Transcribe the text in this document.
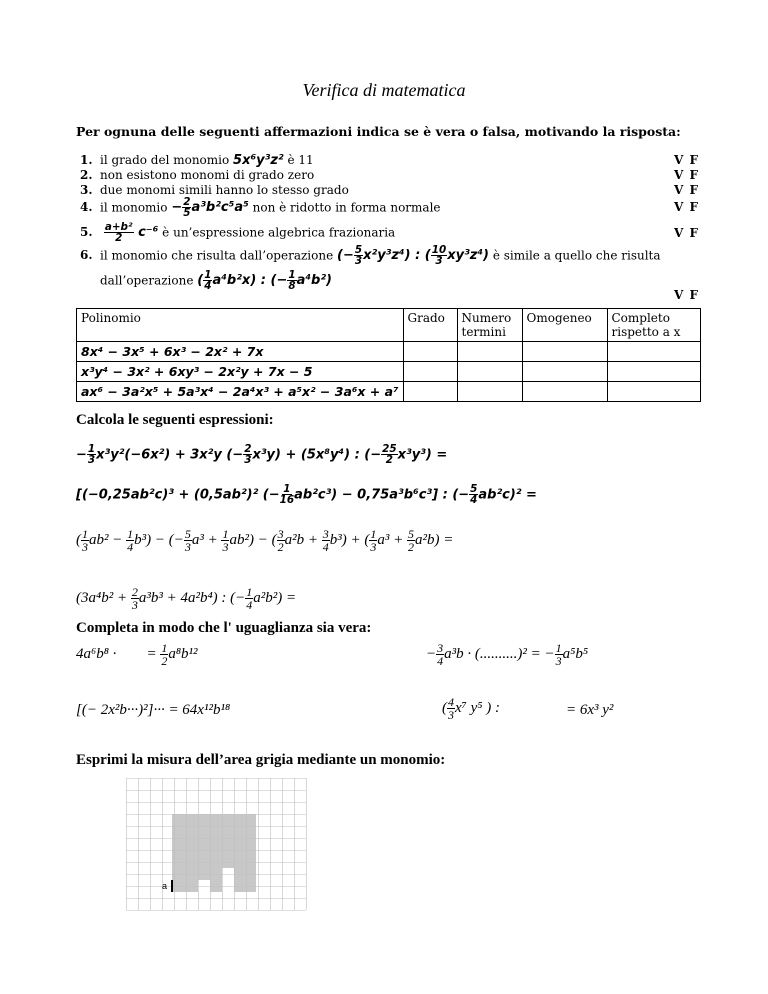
Verifica di matematica
Per ognuna delle seguenti affermazioni indica se è vera o falsa, motivando la risposta:
1. il grado del monomio 5x⁶y³z² è 11
2. non esistono monomi di grado zero
3. due monomi simili hanno lo stesso grado
4. il monomio − $\frac{2}{5} a^3b^2c^5a^5$ non è ridotto in forma normale
5. $\frac{\text{a+b²}}{2} c^{-6}$ è un’espressione algebrica frazionaria
6. il monomio che risulta dall’operazione (− $\frac{5}{3} x^2y^3z^4$) : ( $\frac{10}{3} xy^3z^4$) è simile a quello che risulta
dall’operazione ( $\frac{1}{4} a^4b^2x$) : (− $\frac{1}{8} a^4b^2$)
V F
V F
V F
V F
V F
V F
Polinomio	Grado	Numero termini	Omogeneo	Completo rispetto a x
8x⁴ − 3x⁵ + 6x³ − 2x² + 7x				
x³y⁴ − 3x² + 6xy³ − 2x²y + 7x − 5				
ax⁶ − 3a²x⁵ + 5a³x⁴ − 2a⁴x³ + a⁵x² − 3a⁶x + a⁷				
Calcola le seguenti espressioni:
− $\frac{1}{3} x^3y^2(-6x^2) + 3x^2y$ (− $\frac{2}{3} x^3y) + (5x^8y^4)$ : (− $\frac{25}{2} x^3y^3$) =
[(−0,25ab²c)³ + (0,5ab²)² (− $\frac{1}{16} ab^2c^3) - 0,75a^3b^6c^3$] : (− $\frac{5}{4} ab^2c)^2$ =
( $\frac{1}{3} ab^2 - \frac{1}{4} b^3$) − (− $\frac{5}{3} a^3 + \frac{1}{3} ab^2$) − ( $\frac{3}{2} a^2b + \frac{3}{4} b^3$) + ( $\frac{1}{3} a^3 + \frac{5}{2} a^2b$) =
$(3a^4b^2 + \frac{2}{3} a^3b^3 + 4a^2b^4)$ : (− $\frac{1}{4} a^2b^2$) =
Completa in modo che l' uguaglianza sia vera:
4a⁶b⁸ ·        = $\frac{1}{2} a^8b^{12}$	− $\frac{3}{4} a^3b \cdot (..........)^2$ = − $\frac{1}{3} a^5b^5$
[(− 2x²b···)²]··· = 64x¹²b¹⁸	( $\frac{4}{3} x^7$ y⁵ ) :	= 6x³ y²
Esprimi la misura dell’area grigia mediante un monomio:
a
